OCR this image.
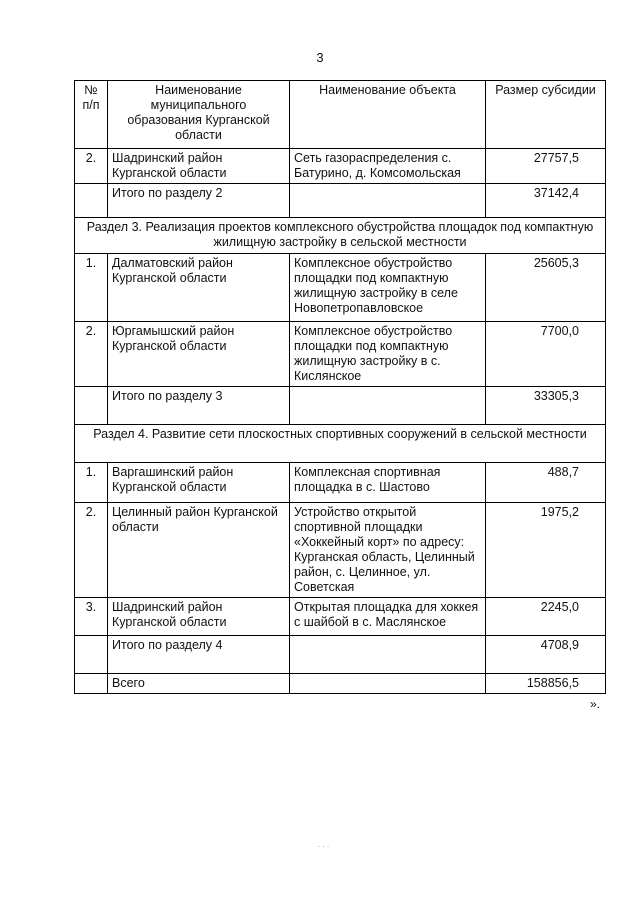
3
№ п/п	Наименование муниципального образования Курганской области	Наименование объекта	Размер субсидии
2.	Шадринский район Курганской области	Сеть газораспределения с. Батурино, д. Комсомольская	27757,5
	Итого по разделу 2		37142,4
Раздел 3. Реализация проектов комплексного обустройства площадок под компактную жилищную застройку в сельской местности			
1.	Далматовский район Курганской области	Комплексное обустройство площадки под компактную жилищную застройку в селе Новопетропавловское	25605,3
2.	Юргамышский район Курганской области	Комплексное обустройство площадки под компактную жилищную застройку в с. Кислянское	7700,0
	Итого по разделу 3		33305,3
Раздел 4. Развитие сети плоскостных спортивных сооружений в сельской местности			
1.	Варгашинский район Курганской области	Комплексная спортивная площадка в с. Шастово	488,7
2.	Целинный район Курганской области	Устройство открытой спортивной площадки «Хоккейный корт» по адресу: Курганская область, Целинный район, с. Целинное, ул. Советская	1975,2
3.	Шадринский район Курганской области	Открытая площадка для хоккея с шайбой в с. Маслянское	2245,0
	Итого по разделу 4		4708,9
	Всего		158856,5
».
. . .
